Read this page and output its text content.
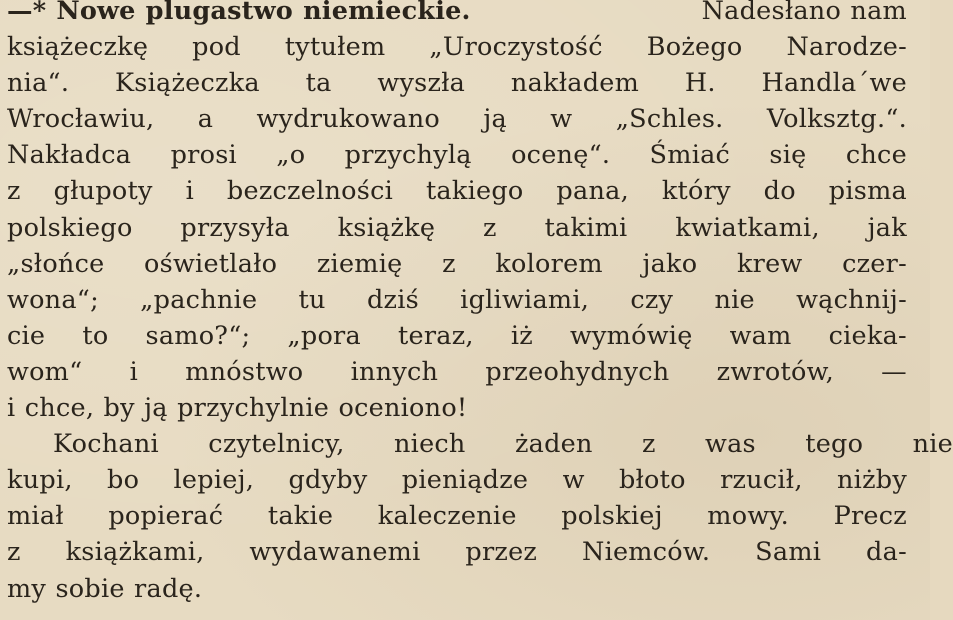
—* Nowe plugastwo niemieckie.	Nadesłano nam
książeczkę pod tytułem „Uroczystość Bożego Narodze-
nia“. Książeczka ta wyszła nakładem H. Handla´we
Wrocławiu, a wydrukowano ją w „Schles. Volksztg.“.
Nakładca prosi „o przychylą ocenę“. Śmiać się chce
z głupoty i bezczelności takiego pana, który do pisma
polskiego przysyła książkę z takimi kwiatkami, jak
„słońce oświetlało ziemię z kolorem jako krew czer-
wona“; „pachnie tu dziś igliwiami, czy nie wąchnij-
cie to samo?“; „pora teraz, iż wymówię wam cieka-
wom“ i mnóstwo innych przeohydnych zwrotów, —
i chce, by ją przychylnie oceniono!
Kochani czytelnicy, niech żaden z was tego nie
kupi, bo lepiej, gdyby pieniądze w błoto rzucił, niżby
miał popierać takie kaleczenie polskiej mowy. Precz
z książkami, wydawanemi przez Niemców. Sami da-
my sobie radę.
